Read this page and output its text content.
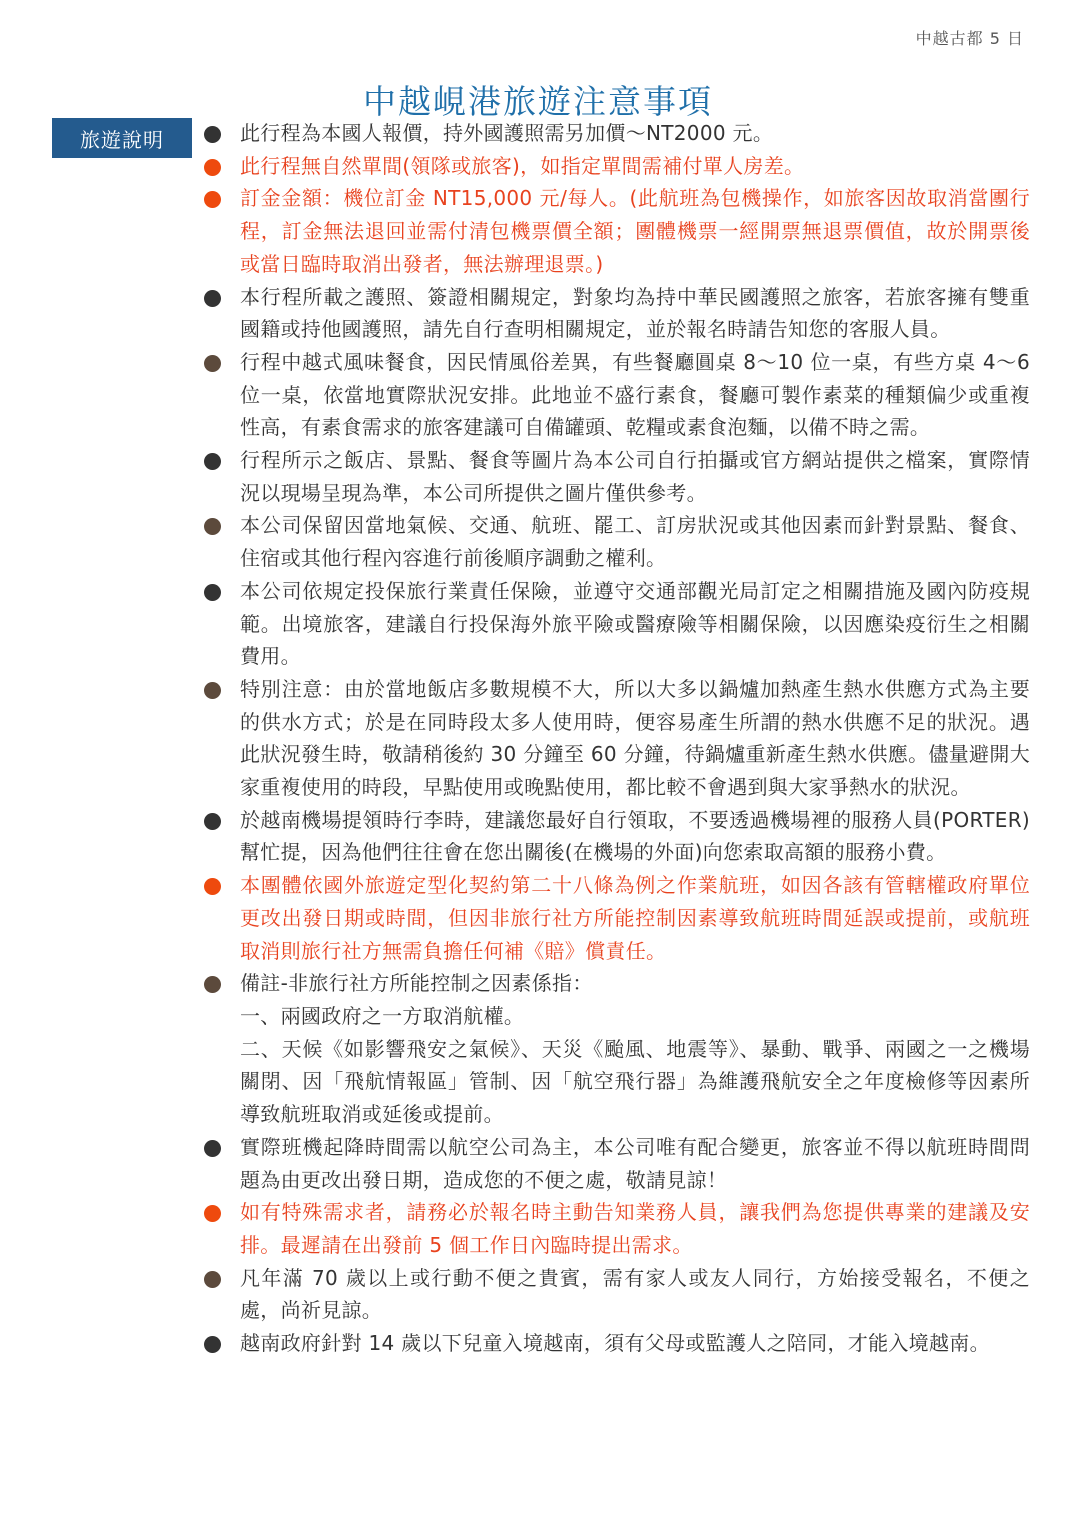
中越古都 5 日
中越峴港旅遊注意事項
旅遊說明	此行程為本國人報價，持外國護照需另加價～NT2000 元。
此行程無自然單間(領隊或旅客)，如指定單間需補付單人房差。
訂金金額：機位訂金 NT15,000 元/每人。(此航班為包機操作，如旅客因故取消當團行程，訂金無法退回並需付清包機票價全額；團體機票一經開票無退票價值，故於開票後或當日臨時取消出發者，無法辦理退票。)
本行程所載之護照、簽證相關規定，對象均為持中華民國護照之旅客，若旅客擁有雙重國籍或持他國護照，請先自行查明相關規定，並於報名時請告知您的客服人員。
行程中越式風味餐食，因民情風俗差異，有些餐廳圓桌 8～10 位一桌，有些方桌 4～6 位一桌，依當地實際狀況安排。此地並不盛行素食，餐廳可製作素菜的種類偏少或重複性高，有素食需求的旅客建議可自備罐頭、乾糧或素食泡麵，以備不時之需。
行程所示之飯店、景點、餐食等圖片為本公司自行拍攝或官方網站提供之檔案，實際情況以現場呈現為準，本公司所提供之圖片僅供參考。
本公司保留因當地氣候、交通、航班、罷工、訂房狀況或其他因素而針對景點、餐食、住宿或其他行程內容進行前後順序調動之權利。
本公司依規定投保旅行業責任保險，並遵守交通部觀光局訂定之相關措施及國內防疫規範。出境旅客，建議自行投保海外旅平險或醫療險等相關保險，以因應染疫衍生之相關費用。
特別注意：由於當地飯店多數規模不大，所以大多以鍋爐加熱產生熱水供應方式為主要的供水方式；於是在同時段太多人使用時，便容易產生所謂的熱水供應不足的狀況。遇此狀況發生時，敬請稍後約 30 分鐘至 60 分鐘，待鍋爐重新產生熱水供應。儘量避開大家重複使用的時段，早點使用或晚點使用，都比較不會遇到與大家爭熱水的狀況。
於越南機場提領時行李時，建議您最好自行領取，不要透過機場裡的服務人員(PORTER)幫忙提，因為他們往往會在您出關後(在機場的外面)向您索取高額的服務小費。
本團體依國外旅遊定型化契約第二十八條為例之作業航班，如因各該有管轄權政府單位更改出發日期或時間，但因非旅行社方所能控制因素導致航班時間延誤或提前，或航班取消則旅行社方無需負擔任何補《賠》償責任。
備註-非旅行社方所能控制之因素係指：
一、兩國政府之一方取消航權。
二、天候《如影響飛安之氣候》、天災《颱風、地震等》、暴動、戰爭、兩國之一之機場關閉、因「飛航情報區」管制、因「航空飛行器」為維護飛航安全之年度檢修等因素所導致航班取消或延後或提前。
實際班機起降時間需以航空公司為主，本公司唯有配合變更，旅客並不得以航班時間問題為由更改出發日期，造成您的不便之處，敬請見諒！
如有特殊需求者，請務必於報名時主動告知業務人員，讓我們為您提供專業的建議及安排。最遲請在出發前 5 個工作日內臨時提出需求。
凡年滿 70 歲以上或行動不便之貴賓，需有家人或友人同行，方始接受報名，不便之處，尚祈見諒。
越南政府針對 14 歲以下兒童入境越南，須有父母或監護人之陪同，才能入境越南。
